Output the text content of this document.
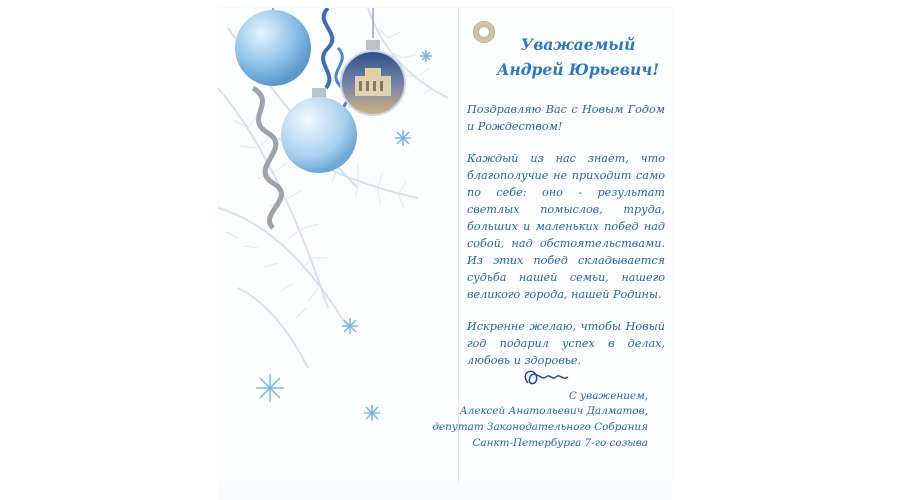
Уважаемый
Андрей Юрьевич!
Поздравляю Вас с Новым Годом и Рождеством!
Каждый из нас знает, что благополучие не приходит само по себе: оно - результат светлых помыслов, труда, больших и маленьких побед над собой, над обстоятельствами. Из этих побед складывается судьба нашей семьи, нашего великого города, нашей Родины.
Искренне желаю, чтобы Новый год подарил успех в делах, любовь и здоровье.
С уважением,
Алексей Анатольевич Далматов,
депутат Законодательного Собрания
Санкт-Петербурга 7-го созыва
